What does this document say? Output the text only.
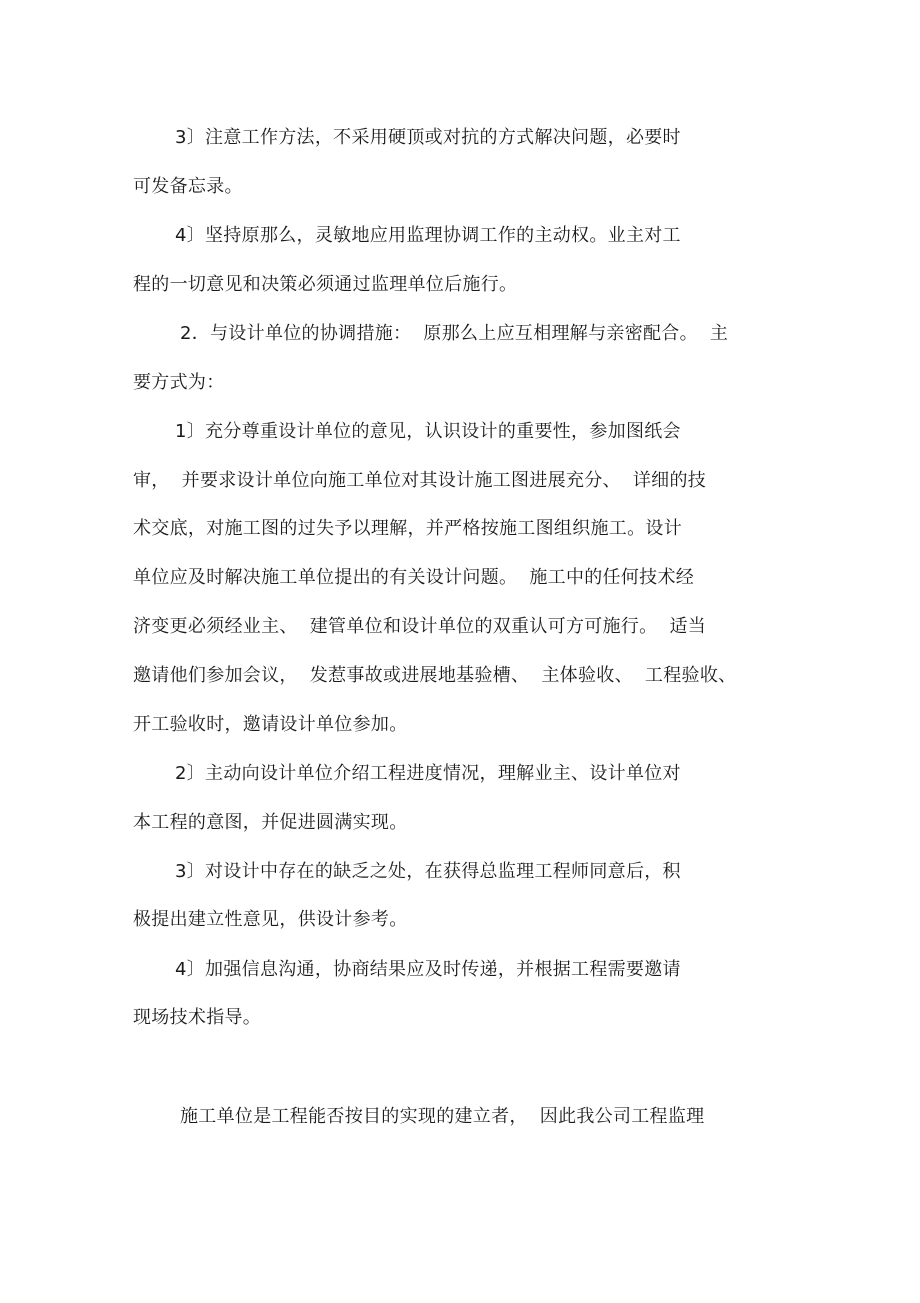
3〕注意工作方法，不采用硬顶或对抗的方式解决问题，必要时
可发备忘录。
4〕坚持原那么，灵敏地应用监理协调工作的主动权。业主对工
程的一切意见和决策必须通过监理单位后施行。
2．与设计单位的协调措施：  原那么上应互相理解与亲密配合。  主
要方式为：
1〕充分尊重设计单位的意见，认识设计的重要性，参加图纸会
审，  并要求设计单位向施工单位对其设计施工图进展充分、  详细的技
术交底，对施工图的过失予以理解，并严格按施工图组织施工。设计
单位应及时解决施工单位提出的有关设计问题。  施工中的任何技术经
济变更必须经业主、  建管单位和设计单位的双重认可方可施行。  适当
邀请他们参加会议，  发惹事故或进展地基验槽、  主体验收、  工程验收、
开工验收时，邀请设计单位参加。
2〕主动向设计单位介绍工程进度情况，理解业主、设计单位对
本工程的意图，并促进圆满实现。
3〕对设计中存在的缺乏之处，在获得总监理工程师同意后，积
极提出建立性意见，供设计参考。
4〕加强信息沟通，协商结果应及时传递，并根据工程需要邀请
现场技术指导。
施工单位是工程能否按目的实现的建立者，  因此我公司工程监理
